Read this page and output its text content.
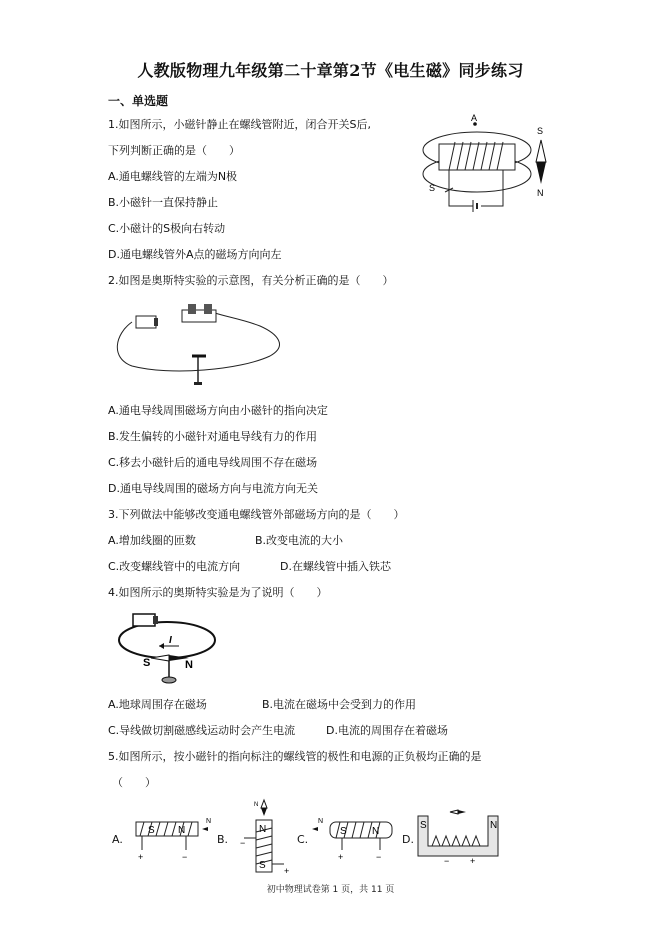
人教版物理九年级第二十章第2节《电生磁》同步练习
一、单选题
1.如图所示，小磁针静止在螺线管附近，闭合开关S后,
下列判断正确的是（　　）
A.通电螺线管的左端为N极
B.小磁针一直保持静止
C.小磁计的S极向右转动
D.通电螺线管外A点的磁场方向向左
A
S
S
N
2.如图是奥斯特实验的示意图，有关分析正确的是（　　）
A.通电导线周围磁场方向由小磁针的指向决定
B.发生偏转的小磁针对通电导线有力的作用
C.移去小磁针后的通电导线周围不存在磁场
D.通电导线周围的磁场方向与电流方向无关
3.下列做法中能够改变通电螺线管外部磁场方向的是（　　）
A.增加线圈的匝数	B.改变电流的大小
C.改变螺线管中的电流方向	D.在螺线管中插入铁芯
4.如图所示的奥斯特实验是为了说明（　　）
I
S	N
A.地球周围存在磁场	B.电流在磁场中会受到力的作用
C.导线做切割磁感线运动时会产生电流	D.电流的周围存在着磁场
5.如图所示，按小磁针的指向标注的螺线管的极性和电源的正负极均正确的是
（　　）
A.
S N
N
+	−
B.
N
N
S
−
+
C.
N
S	N
+	−
D.
S	N
− +
初中物理试卷第 1 页，共 11 页
